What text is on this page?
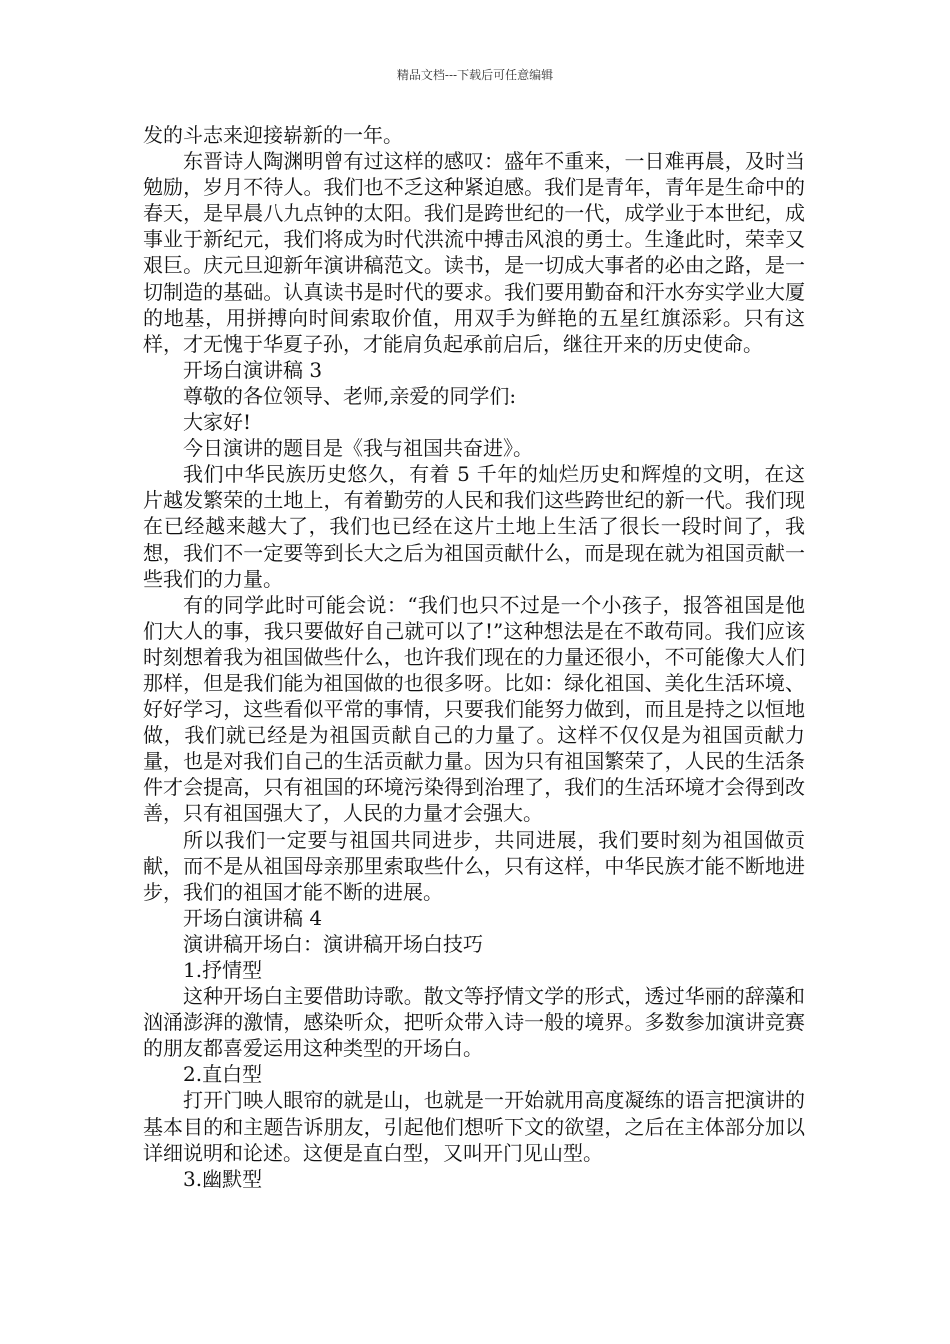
精品文档---下载后可任意编辑

发的斗志来迎接崭新的一年。

东晋诗人陶渊明曾有过这样的感叹：盛年不重来，一日难再晨，及时当勉励，岁月不待人。我们也不乏这种紧迫感。我们是青年，青年是生命中的春天，是早晨八九点钟的太阳。我们是跨世纪的一代，成学业于本世纪，成事业于新纪元，我们将成为时代洪流中搏击风浪的勇士。生逢此时，荣幸又艰巨。庆元旦迎新年演讲稿范文。读书，是一切成大事者的必由之路，是一切制造的基础。认真读书是时代的要求。我们要用勤奋和汗水夯实学业大厦的地基，用拼搏向时间索取价值，用双手为鲜艳的五星红旗添彩。只有这样，才无愧于华夏子孙，才能肩负起承前启后，继往开来的历史使命。

开场白演讲稿 3

尊敬的各位领导、老师,亲爱的同学们:

大家好!

今日演讲的题目是《我与祖国共奋进》。

我们中华民族历史悠久，有着 5 千年的灿烂历史和辉煌的文明，在这片越发繁荣的土地上，有着勤劳的人民和我们这些跨世纪的新一代。我们现在已经越来越大了，我们也已经在这片土地上生活了很长一段时间了，我想，我们不一定要等到长大之后为祖国贡献什么，而是现在就为祖国贡献一些我们的力量。

有的同学此时可能会说：“我们也只不过是一个小孩子，报答祖国是他们大人的事，我只要做好自己就可以了!”这种想法是在不敢苟同。我们应该时刻想着我为祖国做些什么，也许我们现在的力量还很小，不可能像大人们那样，但是我们能为祖国做的也很多呀。比如：绿化祖国、美化生活环境、好好学习，这些看似平常的事情，只要我们能努力做到，而且是持之以恒地做，我们就已经是为祖国贡献自己的力量了。这样不仅仅是为祖国贡献力量，也是对我们自己的生活贡献力量。因为只有祖国繁荣了，人民的生活条件才会提高，只有祖国的环境污染得到治理了，我们的生活环境才会得到改善，只有祖国强大了，人民的力量才会强大。

所以我们一定要与祖国共同进步，共同进展，我们要时刻为祖国做贡献，而不是从祖国母亲那里索取些什么，只有这样，中华民族才能不断地进步，我们的祖国才能不断的进展。

开场白演讲稿 4

演讲稿开场白：演讲稿开场白技巧

1.抒情型

这种开场白主要借助诗歌。散文等抒情文学的形式，透过华丽的辞藻和汹涌澎湃的激情，感染听众，把听众带入诗一般的境界。多数参加演讲竞赛的朋友都喜爱运用这种类型的开场白。

2.直白型

打开门映人眼帘的就是山，也就是一开始就用高度凝练的语言把演讲的基本目的和主题告诉朋友，引起他们想听下文的欲望，之后在主体部分加以详细说明和论述。这便是直白型，又叫开门见山型。

3.幽默型
